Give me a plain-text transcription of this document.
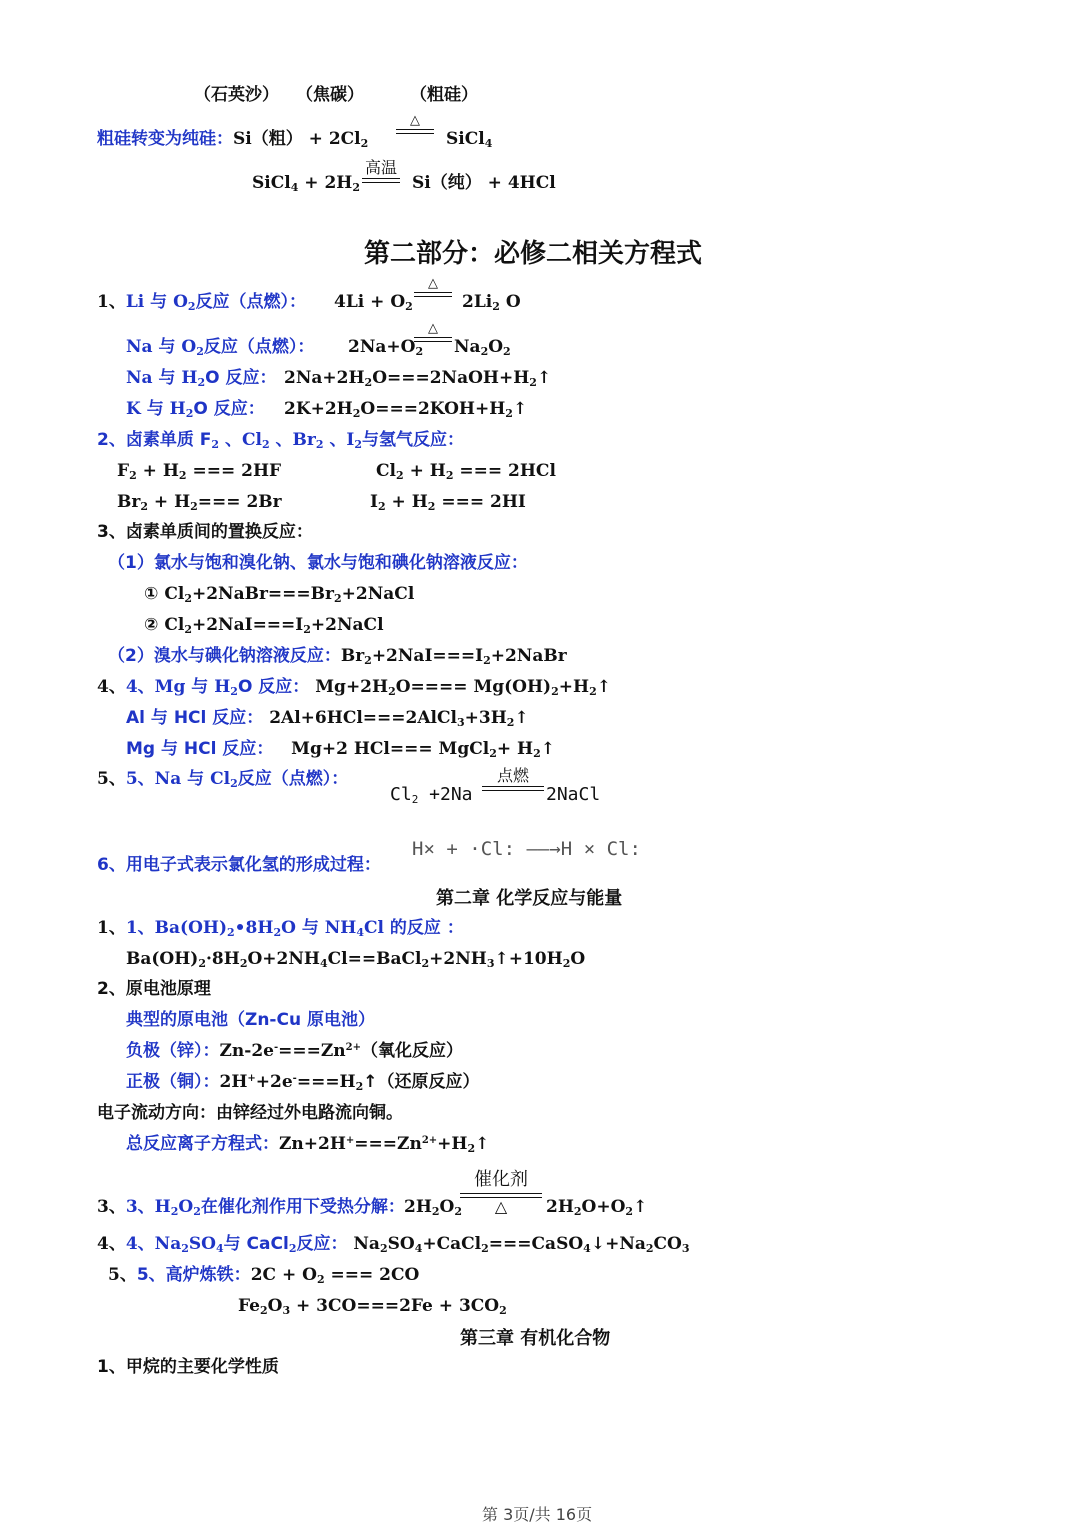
（石英沙） （焦碳）	（粗硅）
粗硅转变为纯硅：Si（粗） + $2Cl_2$
△
SiCl$_4$
SiCl$_4$ + $2H_2$
高温
Si（纯） + 4HCl
第二部分：必修二相关方程式
1、Li 与 $O_2$反应（点燃）： $4Li + O_2$
△
$2Li_2$ O
Na 与 $O_2$反应（点燃）： $2Na+O_2$
△
$Na_2O_2$
Na 与 $H_2O$ 反应： $2Na+2H_2O===2NaOH+H_2↑$
K 与 $H_2O$ 反应： $2K+2H_2O===2KOH+H_2↑$
2、卤素单质 $F_2$ 、$Cl_2$ 、$Br_2$ 、$I_2$与氢气反应：
$F_2 + H_2$ === 2HF	$Cl_2 + H_2$ === 2HCl
$Br_2 + H_2=== 2Br$	$I_2 + H_2$ === 2HI
3、卤素单质间的置换反应：
（1）氯水与饱和溴化钠、氯水与饱和碘化钠溶液反应：
① $Cl_2+2NaBr===Br_2+2NaCl$
② $Cl_2+2NaI===I_2+2NaCl$
（2）溴水与碘化钠溶液反应：$Br_2+2NaI===I_2+2NaBr$
4、4、Mg 与 $H_2O$ 反应： $Mg+2H_2O====$ $Mg(OH)_2+H_2↑$
Al 与 HCl 反应： $2Al+6HCl===2AlCl_3+3H_2↑$
Mg 与 HCl 反应： Mg+2 HCl=== MgCl$_2$+ $H_2↑$
5、5、Na 与 $Cl_2$反应（点燃）：
$Cl_2 +2Na$
点燃
2NaCl
6、用电子式表示氯化氢的形成过程：
H× + ·Cl: ——→H × Cl:
第二章 化学反应与能量
1、1、$Ba(OH)_2•8H_2O$ 与 $NH_4Cl$ 的反应 ：
$Ba(OH)_2\cdot 8H_2O+2NH_4Cl==BaCl_2+2NH_3↑+10H_2O$
2、原电池原理
典型的原电池（Zn-Cu 原电池）
负极（锌）：$Zn-2e^-===Zn^{2+}$（氧化反应）
正极（铜）：$2H^++2e^-===H_2↑$（还原反应）
电子流动方向：由锌经过外电路流向铜。
总反应离子方程式：$Zn+2H^+===Zn^{2+}+H_2↑$
3、3、$H_2O_2$在催化剂作用下受热分解： $2H_2O_2$
催化剂
△	$2H_2O+O_2↑$
4、4、$Na_2SO_4$与 CaCl$_2$反应： $Na_2SO_4+CaCl_2===CaSO_4↓+Na_2CO_3$
5、5、高炉炼铁：$2C + O_2$ === 2CO
$Fe_2O_3 + 3CO===2Fe + 3CO_2$
第三章 有机化合物
1、甲烷的主要化学性质
第 3页/共 16页
